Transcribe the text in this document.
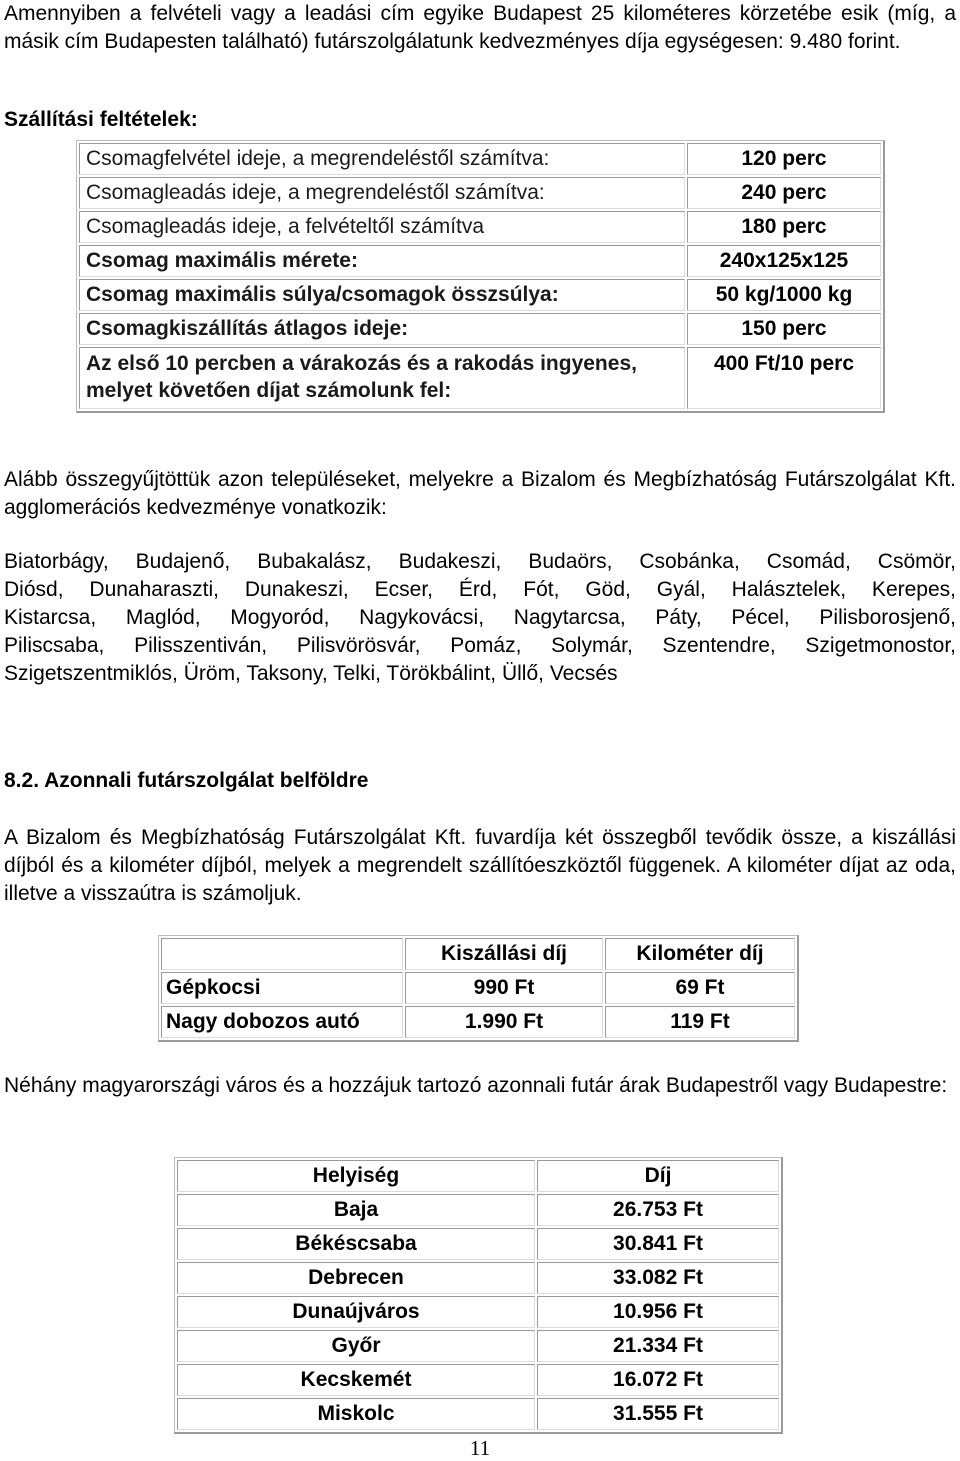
Amennyiben a felvételi vagy a leadási cím egyike Budapest 25 kilométeres körzetébe esik (míg, a másik cím Budapesten található) futárszolgálatunk kedvezményes díja egységesen: 9.480 forint.

Szállítási feltételek:

Csomagfelvétel ideje, a megrendeléstől számítva:	120 perc
Csomagleadás ideje, a megrendeléstől számítva:	240 perc
Csomagleadás ideje, a felvételtől számítva	180 perc
Csomag maximális mérete:	240x125x125
Csomag maximális súlya/csomagok összsúlya:	50 kg/1000 kg
Csomagkiszállítás átlagos ideje:	150 perc
Az első 10 percben a várakozás és a rakodás ingyenes, melyet követően díjat számolunk fel:	400 Ft/10 perc

Alább összegyűjtöttük azon településeket, melyekre a Bizalom és Megbízhatóság Futárszolgálat Kft. agglomerációs kedvezménye vonatkozik:

Biatorbágy, Budajenő, Bubakalász, Budakeszi, Budaörs, Csobánka, Csomád, Csömör,

Diósd, Dunaharaszti, Dunakeszi, Ecser, Érd, Fót, Göd, Gyál, Halásztelek, Kerepes,

Kistarcsa, Maglód, Mogyoród, Nagykovácsi, Nagytarcsa, Páty, Pécel, Pilisborosjenő,

Piliscsaba, Pilisszentiván, Pilisvörösvár, Pomáz, Solymár, Szentendre, Szigetmonostor,

Szigetszentmiklós, Üröm, Taksony, Telki, Törökbálint, Üllő, Vecsés

8.2. Azonnali futárszolgálat belföldre

A Bizalom és Megbízhatóság Futárszolgálat Kft. fuvardíja két összegből tevődik össze, a kiszállási díjból és a kilométer díjból, melyek a megrendelt szállítóeszköztől függenek. A kilométer díjat az oda, illetve a visszaútra is számoljuk.

	Kiszállási díj	Kilométer díj
Gépkocsi	990 Ft	69 Ft
Nagy dobozos autó	1.990 Ft	119 Ft

Néhány magyarországi város és a hozzájuk tartozó azonnali futár árak Budapestről vagy Budapestre:

Helyiség	Díj
Baja	26.753 Ft
Békéscsaba	30.841 Ft
Debrecen	33.082 Ft
Dunaújváros	10.956 Ft
Győr	21.334 Ft
Kecskemét	16.072 Ft
Miskolc	31.555 Ft
11
